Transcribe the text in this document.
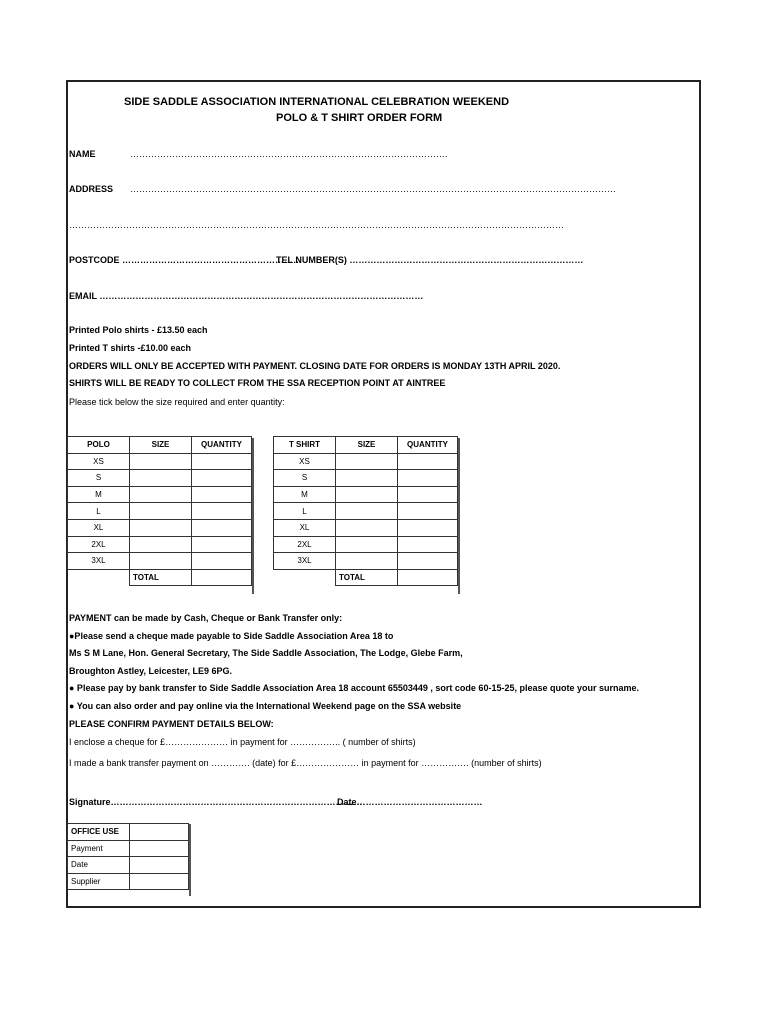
SIDE SADDLE ASSOCIATION INTERNATIONAL CELEBRATION WEEKEND
POLO & T SHIRT ORDER FORM
NAME	…………………………………………………………………………………………….
ADDRESS ………………………………………………………………………………………………………………………………………………
…………………………………………………………………………………………………………………………………………………
POSTCODE ……………………………………………………
TEL NUMBER(S) ……………………………………………………………………
EMAIL ………………………………………………………………………………………………
Printed Polo shirts - £13.50 each
Printed T shirts -£10.00 each
ORDERS WILL ONLY BE ACCEPTED WITH PAYMENT. CLOSING DATE FOR ORDERS IS MONDAY 13TH APRIL 2020.
SHIRTS WILL BE READY TO COLLECT FROM THE SSA RECEPTION POINT AT AINTREE
Please tick below the size required and enter quantity:
POLO	SIZE	QUANTITY
XS		
S		
M		
L		
XL		
2XL		
3XL		
	TOTAL	
T SHIRT	SIZE	QUANTITY
XS		
S		
M		
L		
XL		
2XL		
3XL		
	TOTAL	
PAYMENT can be made by Cash, Cheque or Bank Transfer only:
●Please send a cheque made payable to Side Saddle Association Area 18 to
Ms S M Lane, Hon. General Secretary, The Side Saddle Association, The Lodge, Glebe Farm,
Broughton Astley, Leicester, LE9 6PG.
● Please pay by bank transfer to Side Saddle Association Area 18 account 65503449 , sort code 60-15-25, please quote your surname.
● You can also order and pay online via the International Weekend page on the SSA website
PLEASE CONFIRM PAYMENT DETAILS BELOW:
I enclose a cheque for £………………… in payment for …………….. ( number of shirts)
I made a bank transfer payment on …………. (date) for £………………… in payment for ……………. (number of shirts)
Signature…………………………………………………………………………
Date……………………………………
OFFICE USE	
Payment	
Date	
Supplier	
